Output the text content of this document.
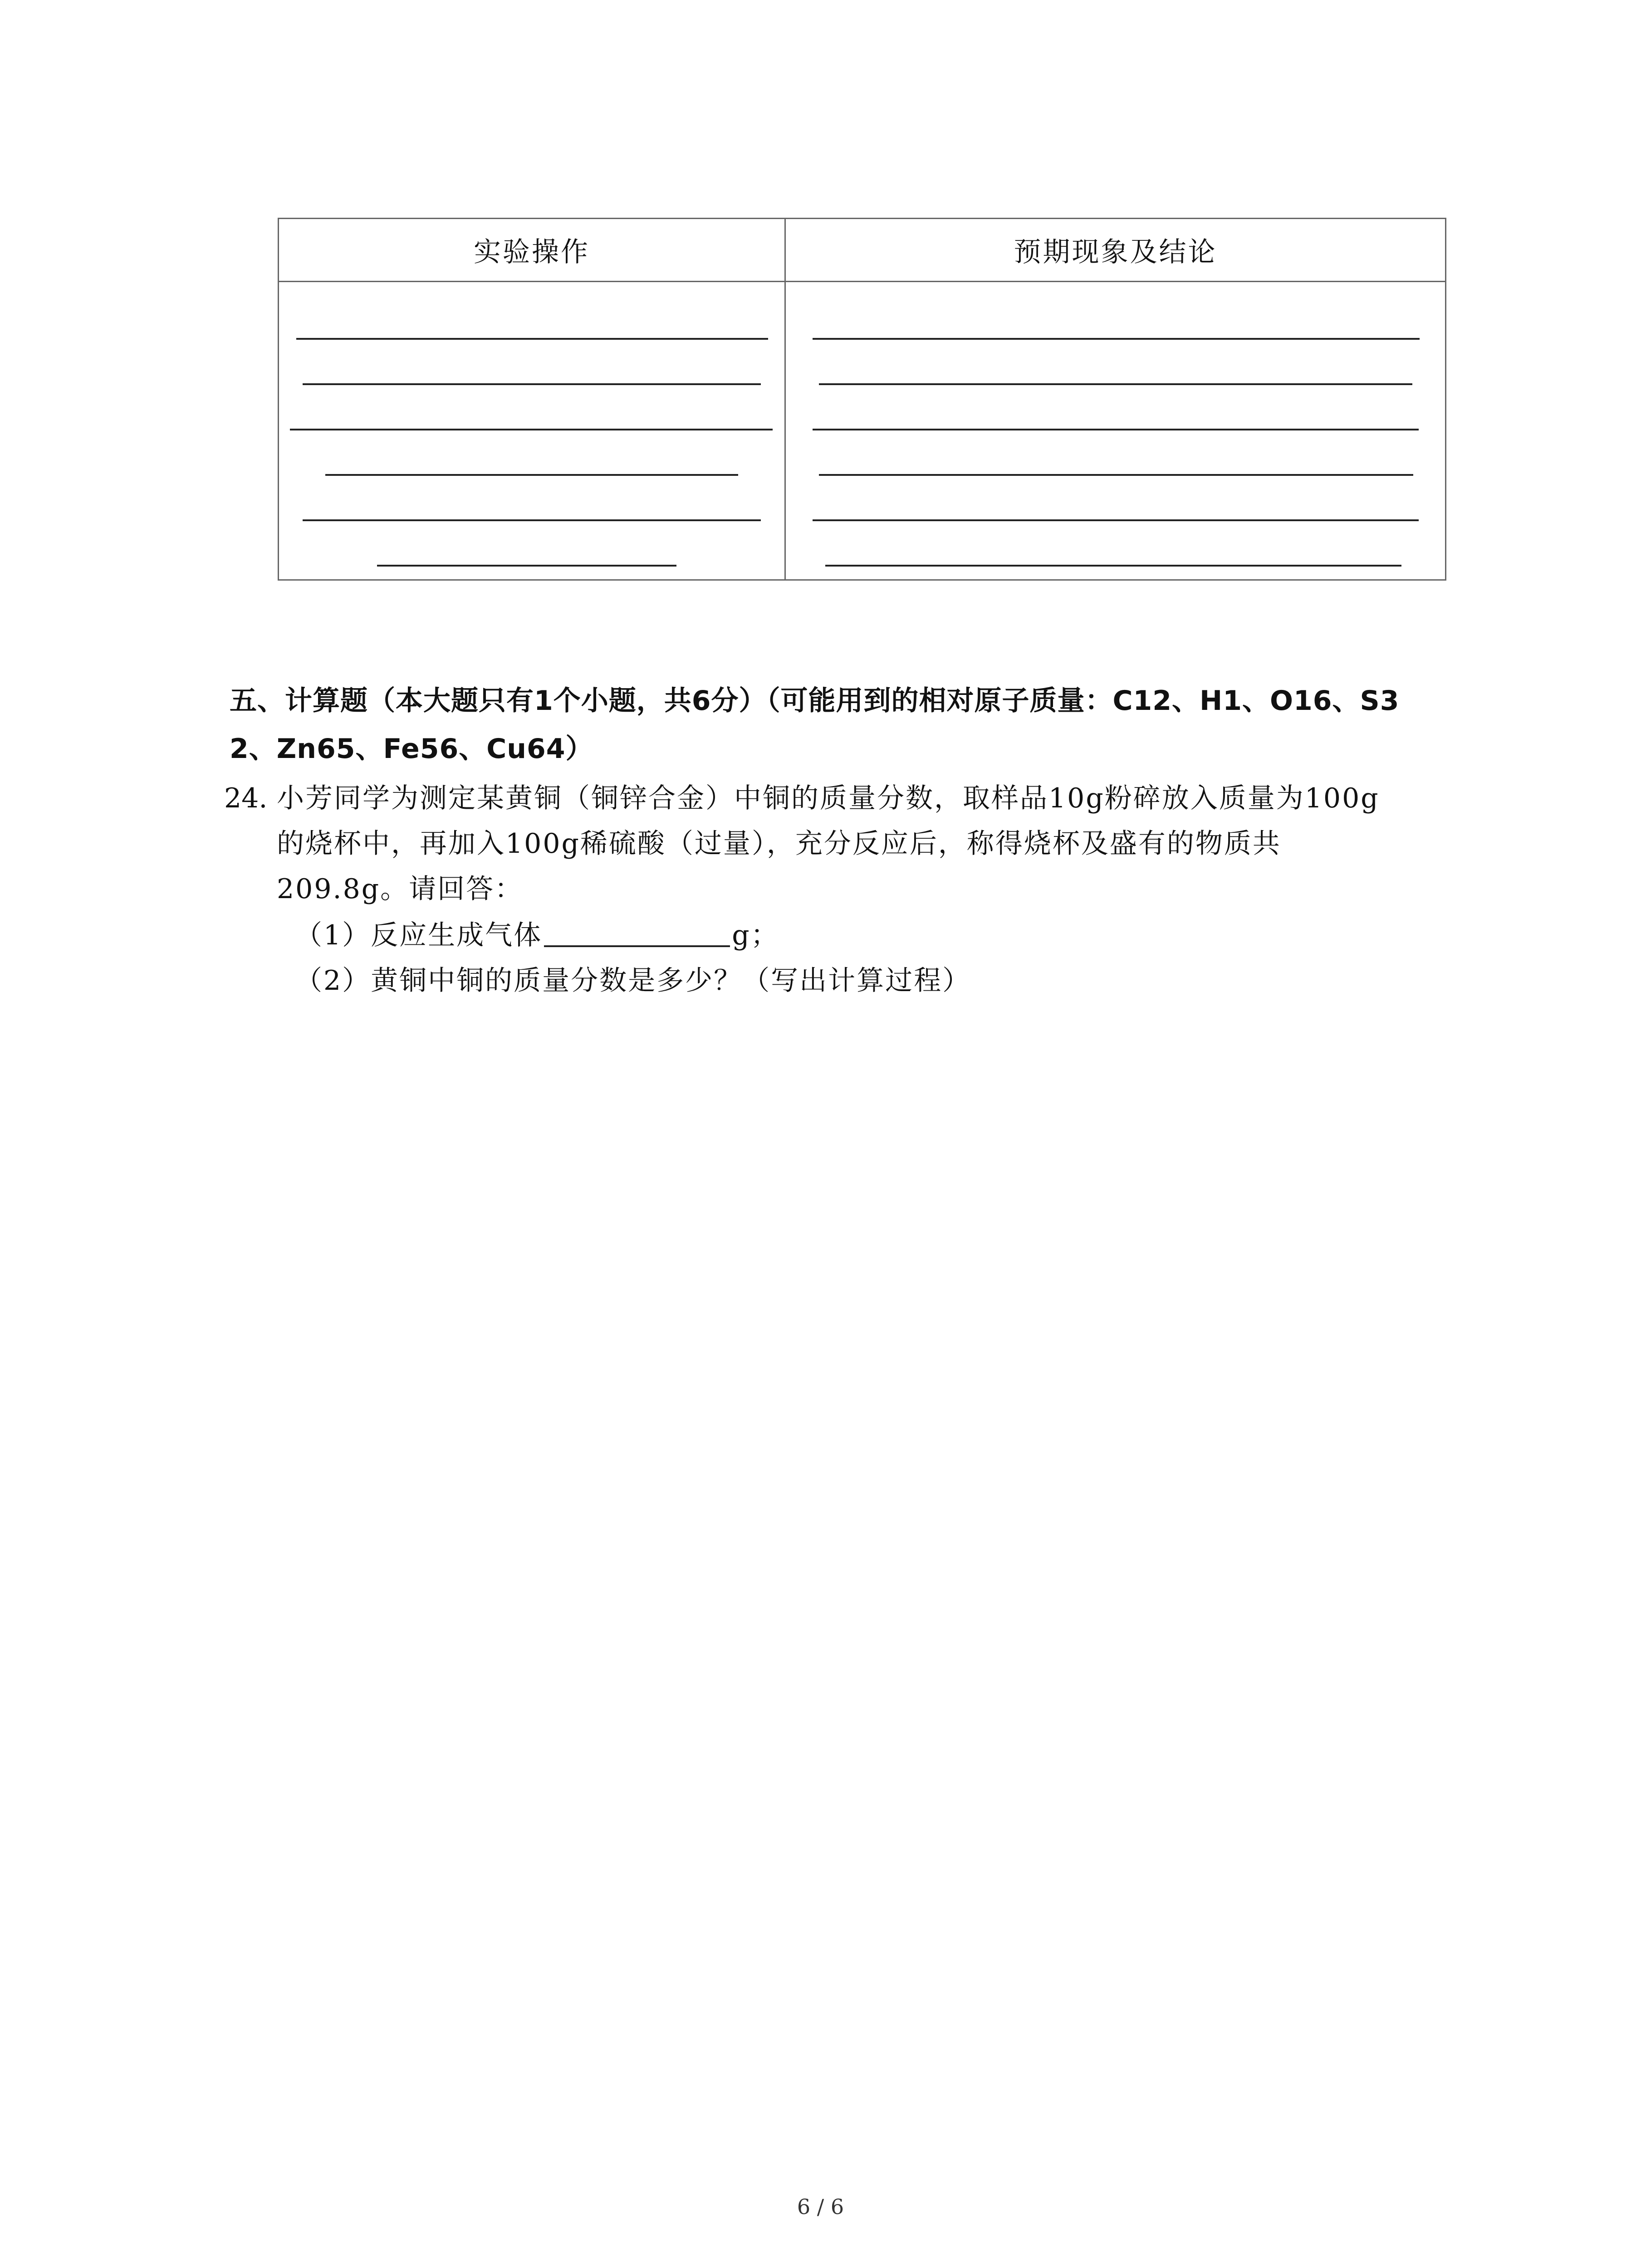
实验操作	预期现象及结论
五、计算题（本大题只有1个小题，共6分）（可能用到的相对原子质量：C12、H1、O16、S3
2、Zn65、Fe56、Cu64）
24. 小芳同学为测定某黄铜（铜锌合金）中铜的质量分数，取样品10g粉碎放入质量为100g
的烧杯中，再加入100g稀硫酸（过量），充分反应后，称得烧杯及盛有的物质共
209.8g。请回答：
（1）反应生成气体	g；
（2）黄铜中铜的质量分数是多少？（写出计算过程）
6 / 6
